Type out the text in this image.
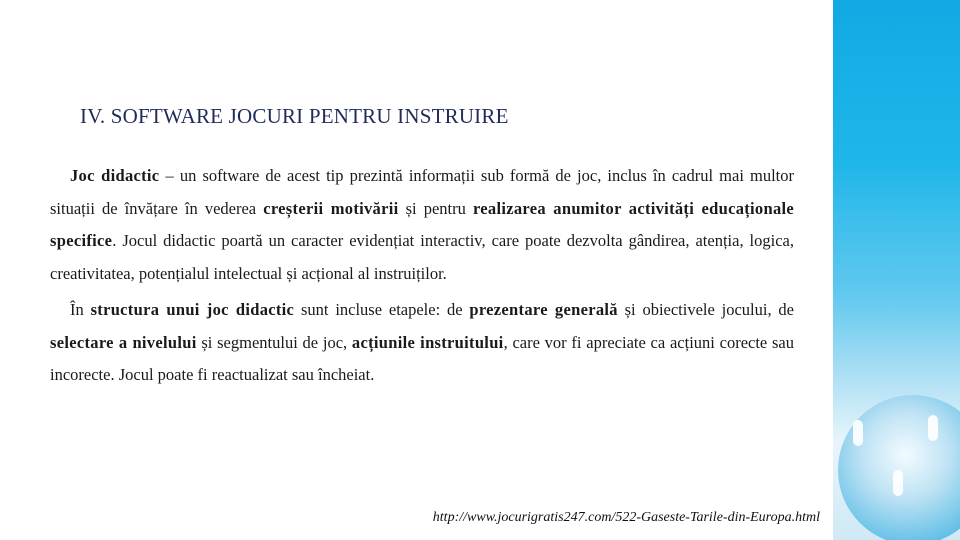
IV. SOFTWARE JOCURI PENTRU INSTRUIRE

Joc didactic – un software de acest tip prezintă informații sub formă de joc, inclus în cadrul mai multor situații de învățare în vederea creșterii motivării și pentru realizarea anumitor activități educaționale specifice. Jocul didactic poartă un caracter evidențiat interactiv, care poate dezvolta gândirea, atenția, logica, creativitatea, potențialul intelectual și acțional al instruiților.

În structura unui joc didactic sunt incluse etapele: de prezentare generală și obiectivele jocului, de selectare a nivelului și segmentului de joc, acțiunile instruitului, care vor fi apreciate ca acțiuni corecte sau incorecte. Jocul poate fi reactualizat sau încheiat.

http://www.jocurigratis247.com/522-Gaseste-Tarile-din-Europa.html
